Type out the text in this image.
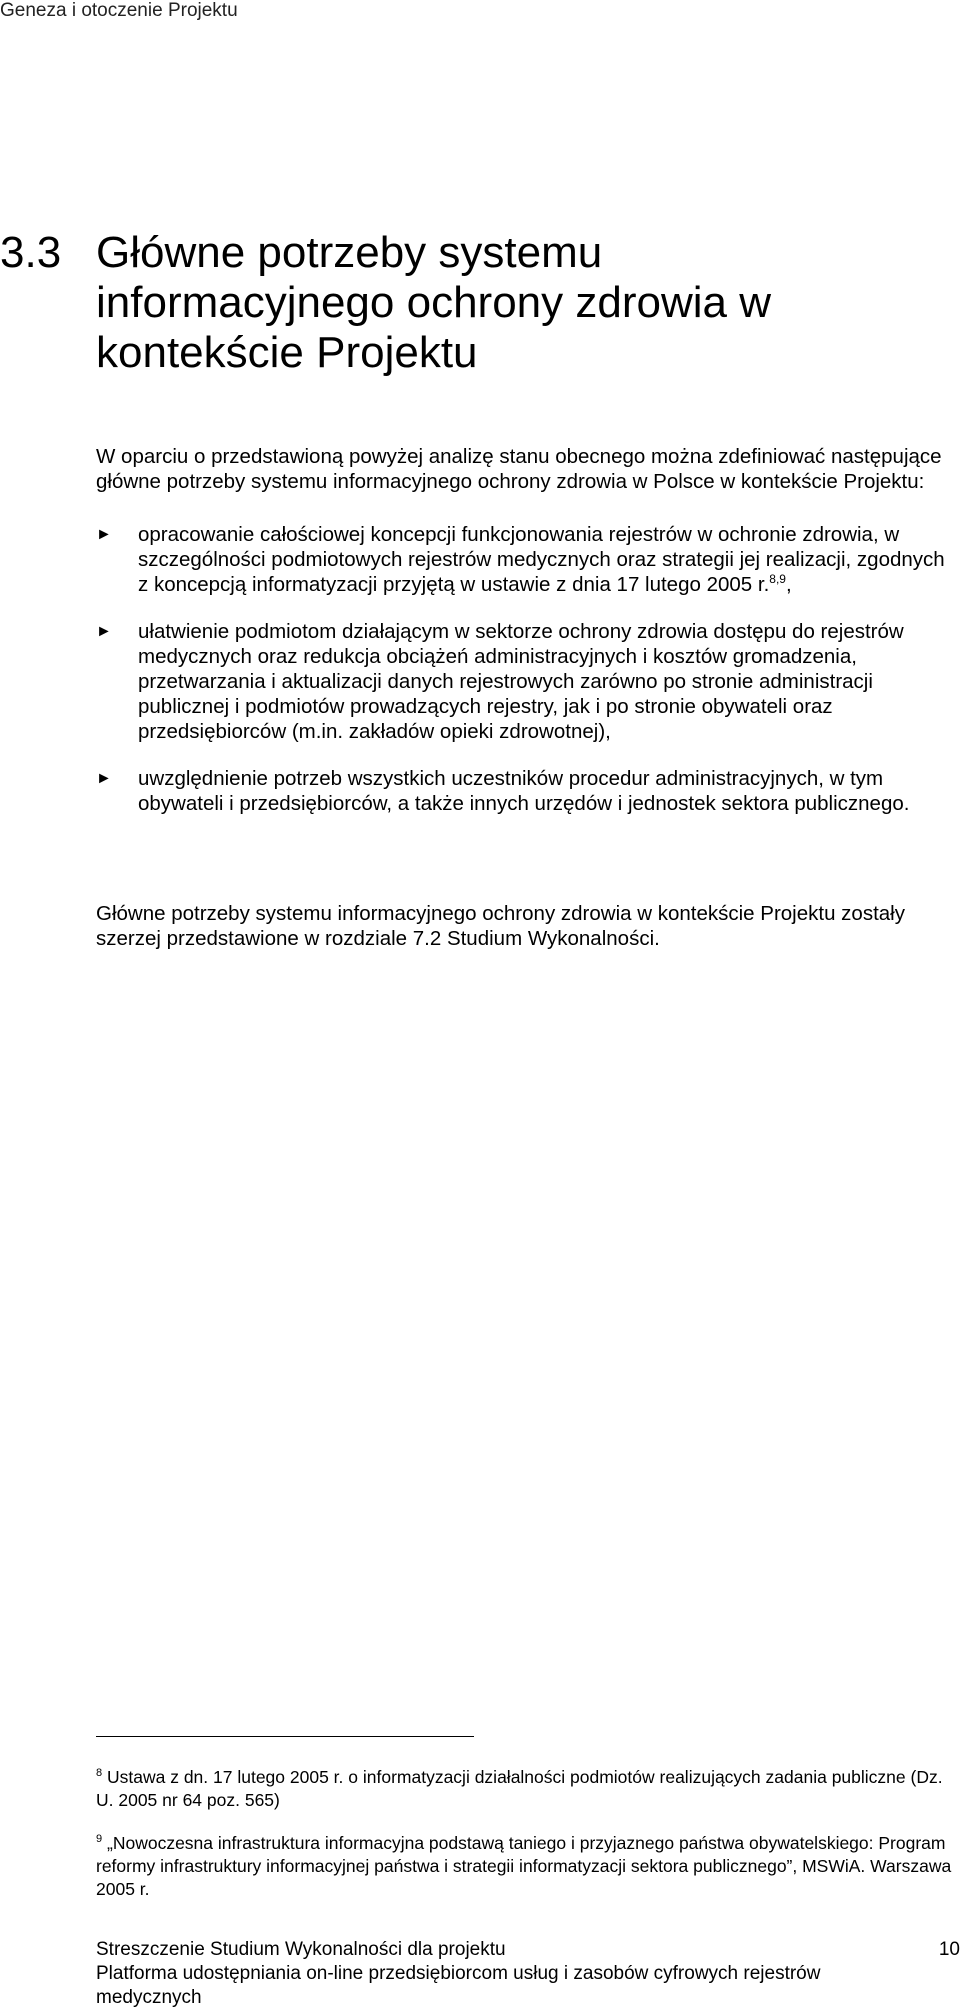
Geneza i otoczenie Projektu
3.3 Główne potrzeby systemu informacyjnego ochrony zdrowia w kontekście Projektu

W oparciu o przedstawioną powyżej analizę stanu obecnego można zdefiniować następujące główne potrzeby systemu informacyjnego ochrony zdrowia w Polsce w kontekście Projektu:

► opracowanie całościowej koncepcji funkcjonowania rejestrów w ochronie zdrowia, w szczególności podmiotowych rejestrów medycznych oraz strategii jej realizacji, zgodnych z koncepcją informatyzacji przyjętą w ustawie z dnia 17 lutego 2005 r.$^{8,9}$,
► ułatwienie podmiotom działającym w sektorze ochrony zdrowia dostępu do rejestrów medycznych oraz redukcja obciążeń administracyjnych i kosztów gromadzenia, przetwarzania i aktualizacji danych rejestrowych zarówno po stronie administracji publicznej i podmiotów prowadzących rejestry, jak i po stronie obywateli oraz przedsiębiorców (m.in. zakładów opieki zdrowotnej),
► uwzględnienie potrzeb wszystkich uczestników procedur administracyjnych, w tym obywateli i przedsiębiorców, a także innych urzędów i jednostek sektora publicznego.

Główne potrzeby systemu informacyjnego ochrony zdrowia w kontekście Projektu zostały szerzej przedstawione w rozdziale 7.2 Studium Wykonalności.

$^8$ Ustawa z dn. 17 lutego 2005 r. o informatyzacji działalności podmiotów realizujących zadania publiczne (Dz. U. 2005 nr 64 poz. 565)
$^9$ „Nowoczesna infrastruktura informacyjna podstawą taniego i przyjaznego państwa obywatelskiego: Program reformy infrastruktury informacyjnej państwa i strategii informatyzacji sektora publicznego”, MSWiA. Warszawa 2005 r.
Streszczenie Studium Wykonalności dla projektu
Platforma udostępniania on-line przedsiębiorcom usług i zasobów cyfrowych rejestrów medycznych
10
